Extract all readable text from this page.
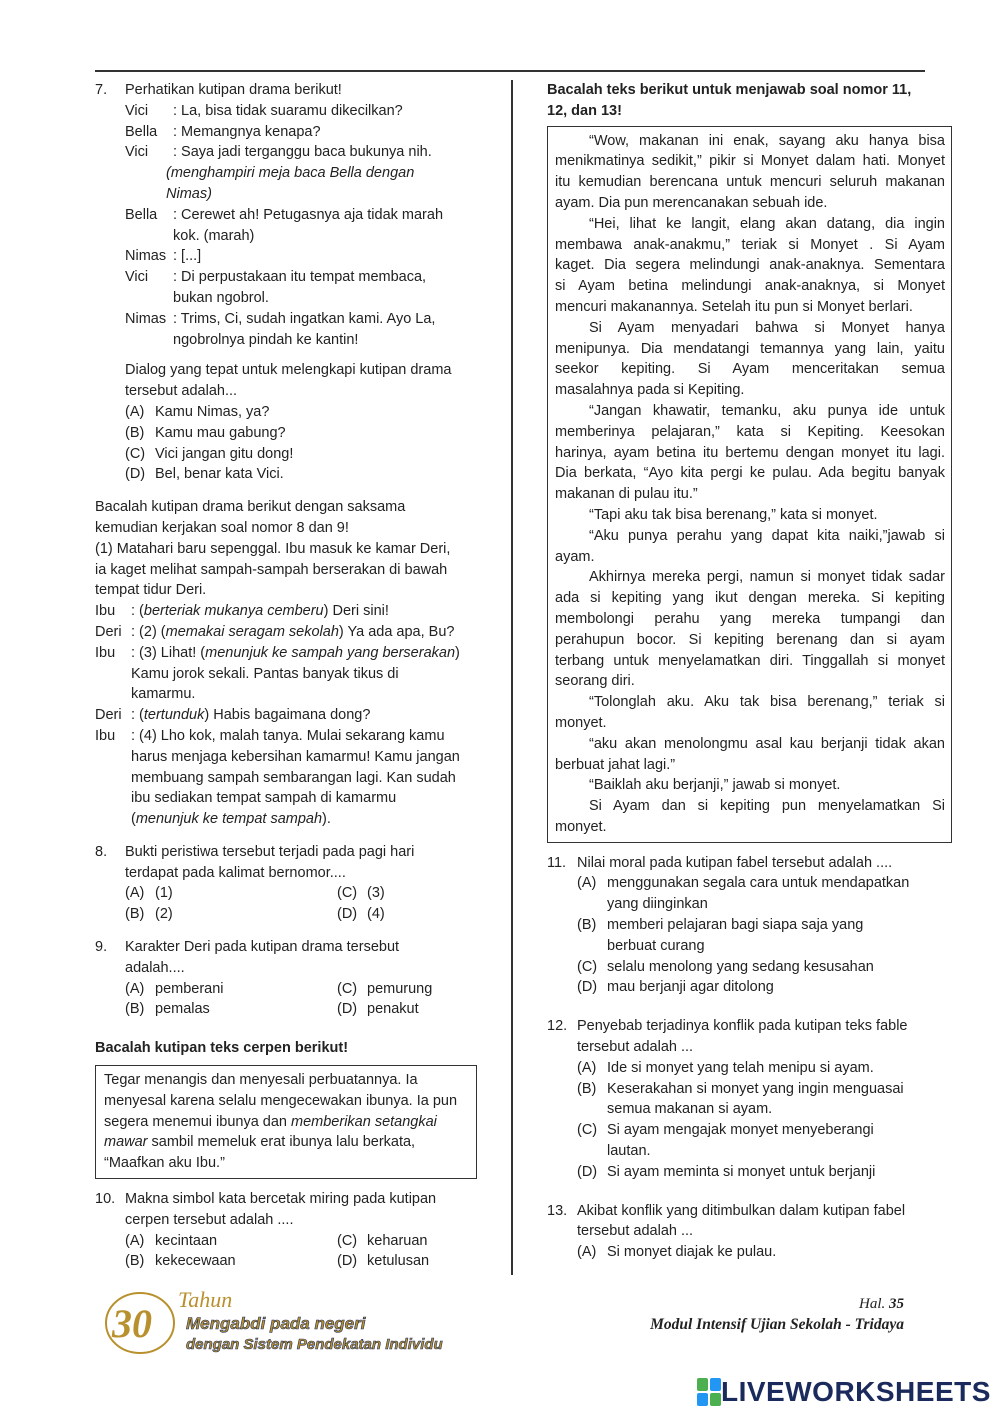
7. Perhatikan kutipan drama berikut!
Vici : La, bisa tidak suaramu dikecilkan?
Bella : Memangnya kenapa?
Vici : Saya jadi terganggu baca bukunya nih.
(menghampiri meja baca Bella dengan
Nimas)
Bella : Cerewet ah! Petugasnya aja tidak marah
kok. (marah)
Nimas : [...]
Vici : Di perpustakaan itu tempat membaca,
bukan ngobrol.
Nimas : Trims, Ci, sudah ingatkan kami. Ayo La,
ngobrolnya pindah ke kantin!
Dialog yang tepat untuk melengkapi kutipan drama
tersebut adalah...
(A) Kamu Nimas, ya?
(B) Kamu mau gabung?
(C) Vici jangan gitu dong!
(D) Bel, benar kata Vici.
Bacalah kutipan drama berikut dengan saksama
kemudian kerjakan soal nomor 8 dan 9!
(1) Matahari baru sepenggal. Ibu masuk ke kamar Deri,
ia kaget melihat sampah-sampah berserakan di bawah
tempat tidur Deri.
Ibu : (berteriak mukanya cemberu) Deri sini!
Deri : (2) (memakai seragam sekolah) Ya ada apa, Bu?
Ibu : (3) Lihat! (menunjuk ke sampah yang berserakan)
Kamu jorok sekali. Pantas banyak tikus di
kamarmu.
Deri : (tertunduk) Habis bagaimana dong?
Ibu : (4) Lho kok, malah tanya. Mulai sekarang kamu
harus menjaga kebersihan kamarmu! Kamu jangan
membuang sampah sembarangan lagi. Kan sudah
ibu sediakan tempat sampah di kamarmu
(menunjuk ke tempat sampah).
8. Bukti peristiwa tersebut terjadi pada pagi hari
terdapat pada kalimat bernomor....
(A) (1)	(C) (3)
(B) (2)	(D) (4)
9. Karakter Deri pada kutipan drama tersebut
adalah....
(A) pemberani	(C) pemurung
(B) pemalas	(D) penakut
Bacalah kutipan teks cerpen berikut!
Tegar menangis dan menyesali perbuatannya. Ia
menyesal karena selalu mengecewakan ibunya. Ia pun
segera menemui ibunya dan memberikan setangkai
mawar sambil memeluk erat ibunya lalu berkata,
“Maafkan aku Ibu.”
10. Makna simbol kata bercetak miring pada kutipan
cerpen tersebut adalah ....
(A) kecintaan	(C) keharuan
(B) kekecewaan	(D) ketulusan
Bacalah teks berikut untuk menjawab soal nomor 11,
12, dan 13!
“Wow, makanan ini enak, sayang aku hanya bisa
menikmatinya sedikit,” pikir si Monyet dalam hati. Monyet
itu kemudian berencana untuk mencuri seluruh makanan
ayam. Dia pun merencanakan sebuah ide.
“Hei, lihat ke langit, elang akan datang, dia ingin
membawa anak-anakmu,” teriak si Monyet . Si Ayam
kaget. Dia segera melindungi anak-anaknya. Sementara
si Ayam betina melindungi anak-anaknya, si Monyet
mencuri makanannya. Setelah itu pun si Monyet berlari.
Si Ayam menyadari bahwa si Monyet hanya
menipunya. Dia mendatangi temannya yang lain, yaitu
seekor kepiting. Si Ayam menceritakan semua
masalahnya pada si Kepiting.
“Jangan khawatir, temanku, aku punya ide untuk
memberinya pelajaran,” kata si Kepiting. Keesokan
harinya, ayam betina itu bertemu dengan monyet itu lagi.
Dia berkata, “Ayo kita pergi ke pulau. Ada begitu banyak
makanan di pulau itu.”
“Tapi aku tak bisa berenang,” kata si monyet.
“Aku punya perahu yang dapat kita naiki,”jawab si
ayam.
Akhirnya mereka pergi, namun si monyet tidak sadar
ada si kepiting yang ikut dengan mereka. Si kepiting
membolongi perahu yang mereka tumpangi dan
perahupun bocor. Si kepiting berenang dan si ayam
terbang untuk menyelamatkan diri. Tinggallah si monyet
seorang diri.
“Tolonglah aku. Aku tak bisa berenang,” teriak si
monyet.
“aku akan menolongmu asal kau berjanji tidak akan
berbuat jahat lagi.”
“Baiklah aku berjanji,” jawab si monyet.
Si Ayam dan si kepiting pun menyelamatkan Si
monyet.
11. Nilai moral pada kutipan fabel tersebut adalah ....
(A) menggunakan segala cara untuk mendapatkan
yang diinginkan
(B) memberi pelajaran bagi siapa saja yang
berbuat curang
(C) selalu menolong yang sedang kesusahan
(D) mau berjanji agar ditolong
12. Penyebab terjadinya konflik pada kutipan teks fable
tersebut adalah ...
(A) Ide si monyet yang telah menipu si ayam.
(B) Keserakahan si monyet yang ingin menguasai
semua makanan si ayam.
(C) Si ayam mengajak monyet menyeberangi
lautan.
(D) Si ayam meminta si monyet untuk berjanji
13. Akibat konflik yang ditimbulkan dalam kutipan fabel
tersebut adalah ...
(A) Si monyet diajak ke pulau.
30
Tahun
Mengabdi pada negeri
dengan Sistem Pendekatan Individu
Hal. 35
Modul Intensif Ujian Sekolah - Tridaya
LIVEWORKSHEETS
